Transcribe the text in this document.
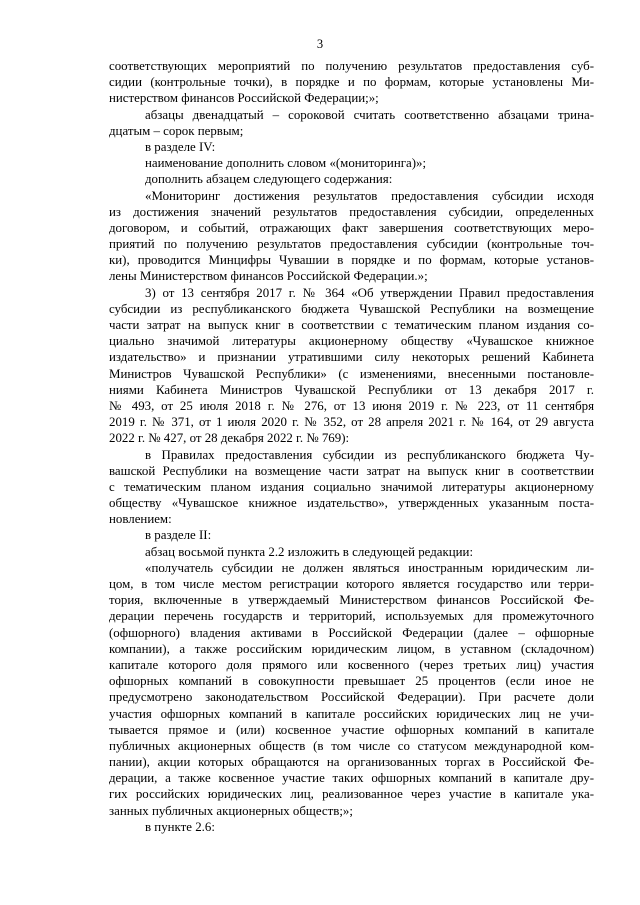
3
соответствующих мероприятий по получению результатов предоставления суб-
сидии (контрольные точки), в порядке и по формам, которые установлены Ми-
нистерством финансов Российской Федерации;»;
абзацы двенадцатый – сороковой считать соответственно абзацами трина-
дцатым – сорок первым;
в разделе IV:
наименование дополнить словом «(мониторинга)»;
дополнить абзацем следующего содержания:
«Мониторинг достижения результатов предоставления субсидии исходя
из достижения значений результатов предоставления субсидии, определенных
договором, и событий, отражающих факт завершения соответствующих меро-
приятий по получению результатов предоставления субсидии (контрольные точ-
ки), проводится Минцифры Чувашии в порядке и по формам, которые установ-
лены Министерством финансов Российской Федерации.»;
3) от 13 сентября 2017 г. № 364 «Об утверждении Правил предоставления
субсидии из республиканского бюджета Чувашской Республики на возмещение
части затрат на выпуск книг в соответствии с тематическим планом издания со-
циально значимой литературы акционерному обществу «Чувашское книжное
издательство» и признании утратившими силу некоторых решений Кабинета
Министров Чувашской Республики» (с изменениями, внесенными постановле-
ниями Кабинета Министров Чувашской Республики от 13 декабря 2017 г.
№ 493, от 25 июля 2018 г. № 276, от 13 июня 2019 г. № 223, от 11 сентября
2019 г. № 371, от 1 июля 2020 г. № 352, от 28 апреля 2021 г. № 164, от 29 августа
2022 г. № 427, от 28 декабря 2022 г. № 769):
в Правилах предоставления субсидии из республиканского бюджета Чу-
вашской Республики на возмещение части затрат на выпуск книг в соответствии
с тематическим планом издания социально значимой литературы акционерному
обществу «Чувашское книжное издательство», утвержденных указанным поста-
новлением:
в разделе II:
абзац восьмой пункта 2.2 изложить в следующей редакции:
«получатель субсидии не должен являться иностранным юридическим ли-
цом, в том числе местом регистрации которого является государство или терри-
тория, включенные в утверждаемый Министерством финансов Российской Фе-
дерации перечень государств и территорий, используемых для промежуточного
(офшорного) владения активами в Российской Федерации (далее – офшорные
компании), а также российским юридическим лицом, в уставном (складочном)
капитале которого доля прямого или косвенного (через третьих лиц) участия
офшорных компаний в совокупности превышает 25 процентов (если иное не
предусмотрено законодательством Российской Федерации). При расчете доли
участия офшорных компаний в капитале российских юридических лиц не учи-
тывается прямое и (или) косвенное участие офшорных компаний в капитале
публичных акционерных обществ (в том числе со статусом международной ком-
пании), акции которых обращаются на организованных торгах в Российской Фе-
дерации, а также косвенное участие таких офшорных компаний в капитале дру-
гих российских юридических лиц, реализованное через участие в капитале ука-
занных публичных акционерных обществ;»;
в пункте 2.6:
